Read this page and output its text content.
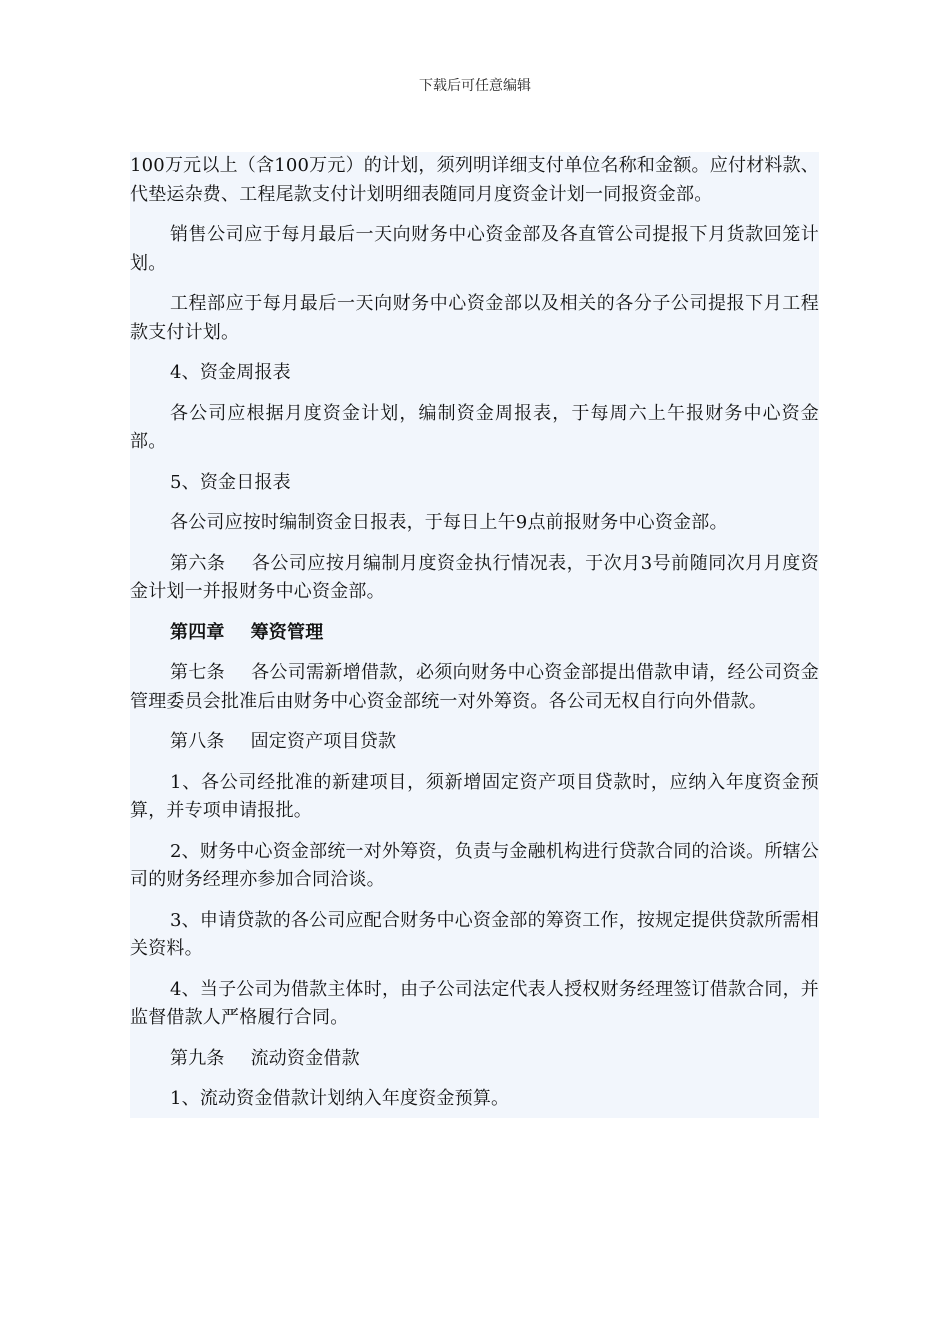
下载后可任意编辑

100万元以上（含100万元）的计划，须列明详细支付单位名称和金额。应付材料款、代垫运杂费、工程尾款支付计划明细表随同月度资金计划一同报资金部。

销售公司应于每月最后一天向财务中心资金部及各直管公司提报下月货款回笼计划。

工程部应于每月最后一天向财务中心资金部以及相关的各分子公司提报下月工程款支付计划。

4、资金周报表

各公司应根据月度资金计划，编制资金周报表，于每周六上午报财务中心资金部。

5、资金日报表

各公司应按时编制资金日报表，于每日上午9点前报财务中心资金部。

第六条 各公司应按月编制月度资金执行情况表，于次月3号前随同次月月度资金计划一并报财务中心资金部。

第四章 筹资管理

第七条 各公司需新增借款，必须向财务中心资金部提出借款申请，经公司资金管理委员会批准后由财务中心资金部统一对外筹资。各公司无权自行向外借款。

第八条 固定资产项目贷款

1、各公司经批准的新建项目，须新增固定资产项目贷款时，应纳入年度资金预算，并专项申请报批。

2、财务中心资金部统一对外筹资，负责与金融机构进行贷款合同的洽谈。所辖公司的财务经理亦参加合同洽谈。

3、申请贷款的各公司应配合财务中心资金部的筹资工作，按规定提供贷款所需相关资料。

4、当子公司为借款主体时，由子公司法定代表人授权财务经理签订借款合同，并监督借款人严格履行合同。

第九条 流动资金借款

1、流动资金借款计划纳入年度资金预算。
